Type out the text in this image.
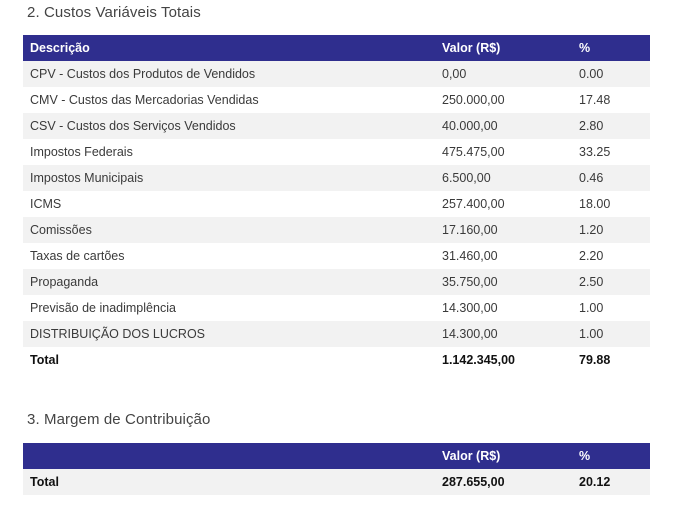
2. Custos Variáveis Totais
Descrição	Valor (R$)	%
CPV - Custos dos Produtos de Vendidos	0,00	0.00
CMV - Custos das Mercadorias Vendidas	250.000,00	17.48
CSV - Custos dos Serviços Vendidos	40.000,00	2.80
Impostos Federais	475.475,00	33.25
Impostos Municipais	6.500,00	0.46
ICMS	257.400,00	18.00
Comissões	17.160,00	1.20
Taxas de cartões	31.460,00	2.20
Propaganda	35.750,00	2.50
Previsão de inadimplência	14.300,00	1.00
DISTRIBUIÇÃO DOS LUCROS	14.300,00	1.00
Total	1.142.345,00	79.88
3. Margem de Contribuição
	Valor (R$)	%
Total	287.655,00	20.12
